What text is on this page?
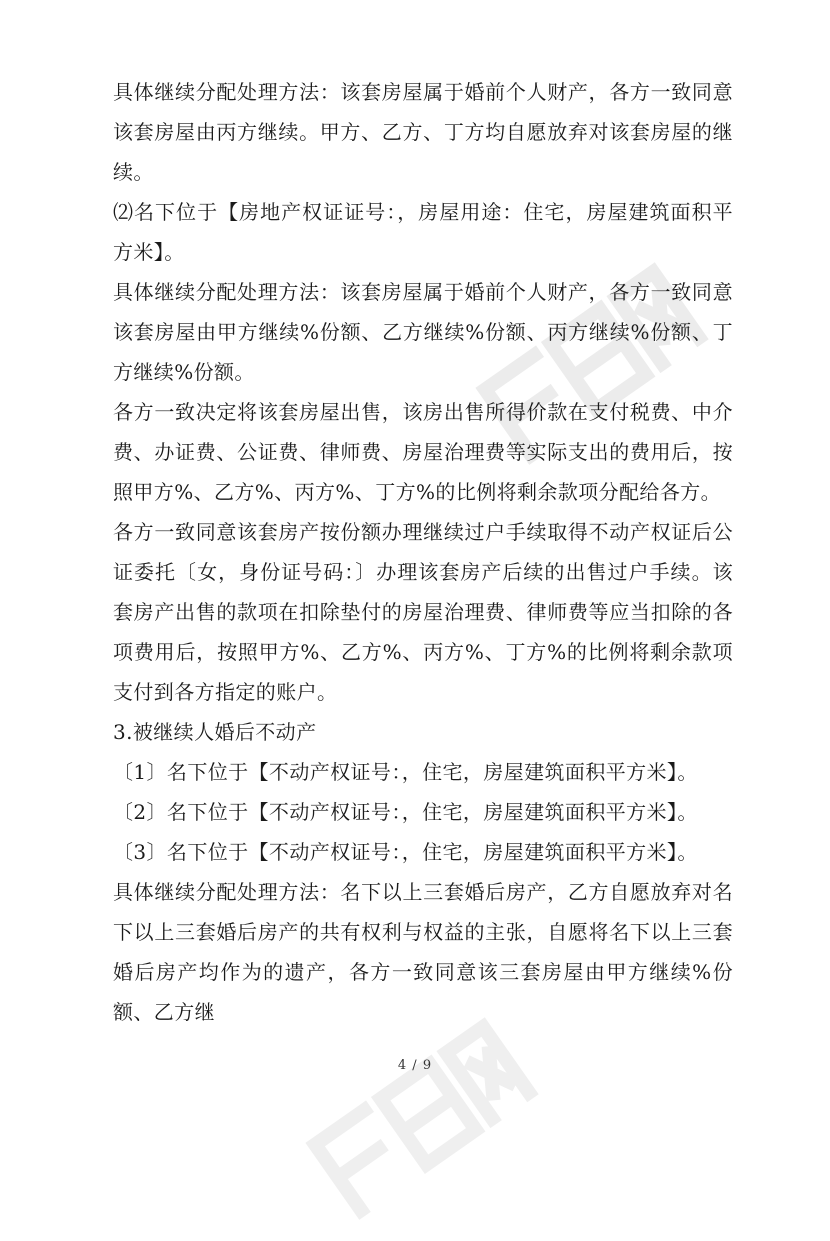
具体继续分配处理方法：该套房屋属于婚前个人财产，各方一致同意该套房屋由丙方继续。甲方、乙方、丁方均自愿放弃对该套房屋的继续。

⑵名下位于【房地产权证证号：，房屋用途：住宅，房屋建筑面积平方米】。

具体继续分配处理方法：该套房屋属于婚前个人财产，各方一致同意该套房屋由甲方继续%份额、乙方继续%份额、丙方继续%份额、丁方继续%份额。

各方一致决定将该套房屋出售，该房出售所得价款在支付税费、中介费、办证费、公证费、律师费、房屋治理费等实际支出的费用后，按照甲方%、乙方%、丙方%、丁方%的比例将剩余款项分配给各方。

各方一致同意该套房产按份额办理继续过户手续取得不动产权证后公证委托〔女，身份证号码：〕办理该套房产后续的出售过户手续。该套房产出售的款项在扣除垫付的房屋治理费、律师费等应当扣除的各项费用后，按照甲方%、乙方%、丙方%、丁方%的比例将剩余款项支付到各方指定的账户。

3.被继续人婚后不动产

〔1〕名下位于【不动产权证号：，住宅，房屋建筑面积平方米】。

〔2〕名下位于【不动产权证号：，住宅，房屋建筑面积平方米】。

〔3〕名下位于【不动产权证号：，住宅，房屋建筑面积平方米】。

具体继续分配处理方法：名下以上三套婚后房产，乙方自愿放弃对名下以上三套婚后房产的共有权利与权益的主张，自愿将名下以上三套婚后房产均作为的遗产，各方一致同意该三套房屋由甲方继续%份额、乙方继

4 / 9
